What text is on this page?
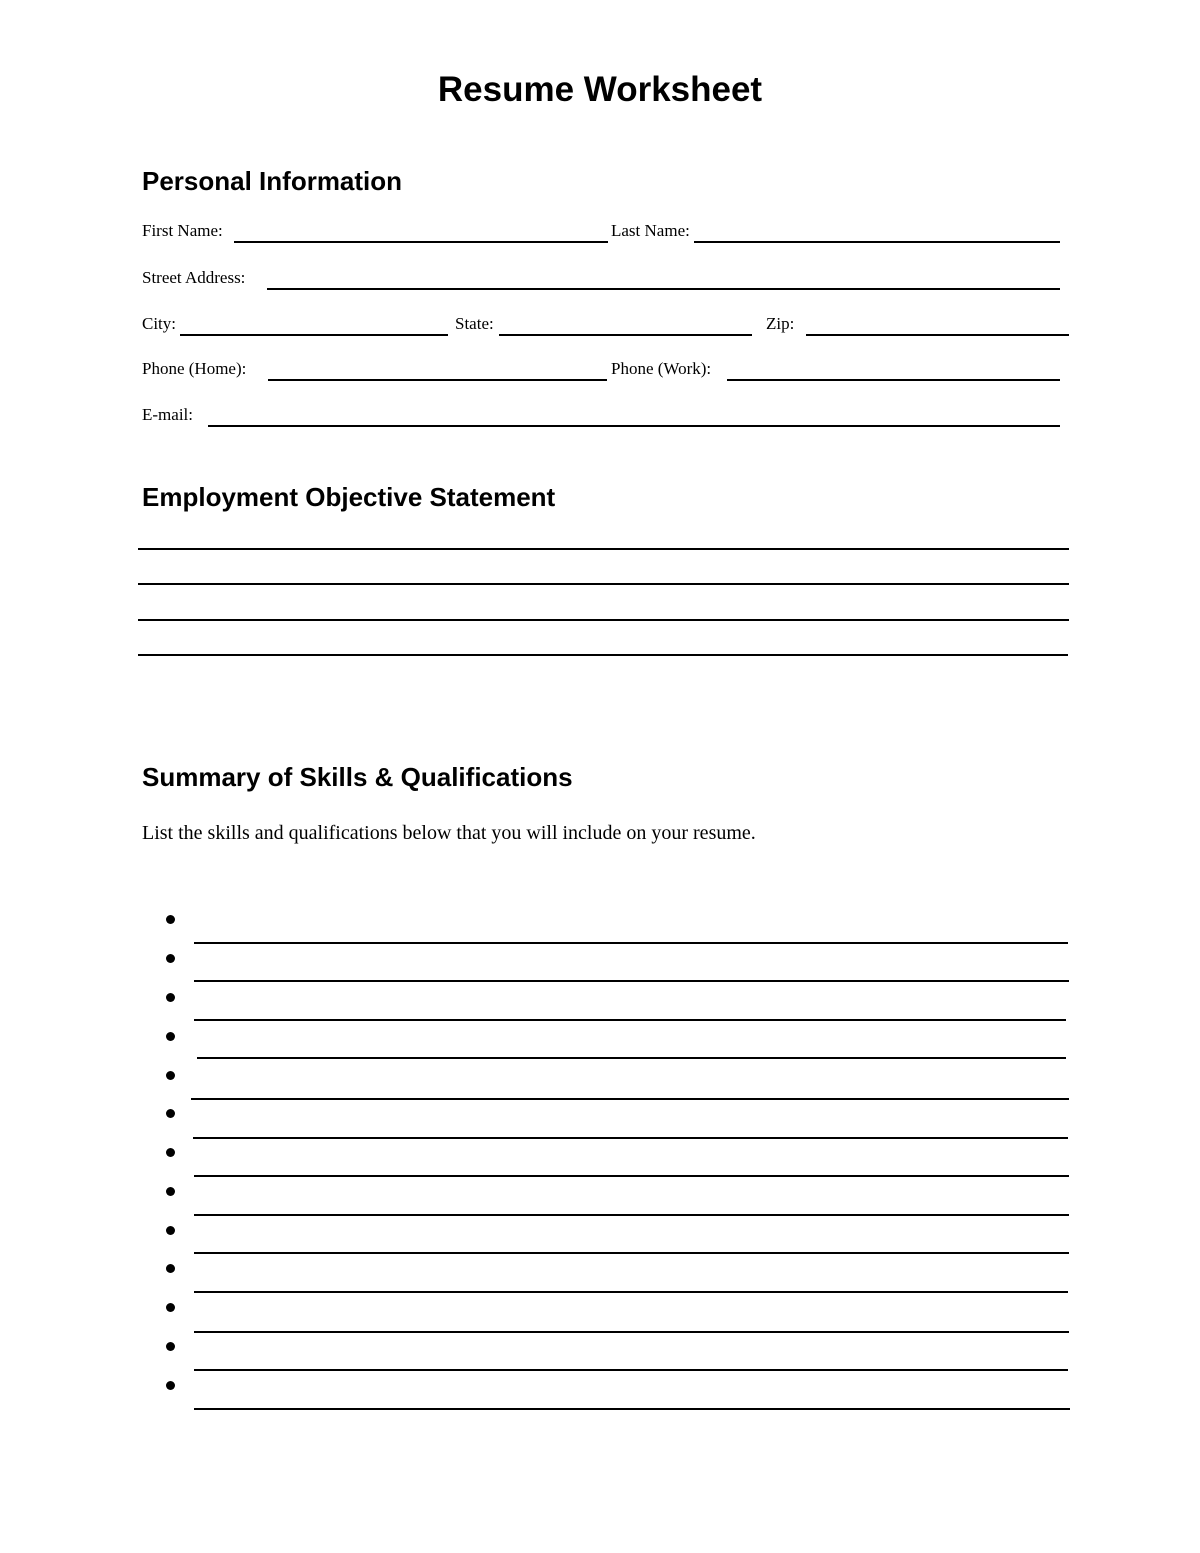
Resume Worksheet
Personal Information
First Name:	Last Name:
Street Address:
City:	State:	Zip:
Phone (Home):	Phone (Work):
E-mail:
Employment Objective Statement
Summary of Skills & Qualifications
List the skills and qualifications below that you will include on your resume.
